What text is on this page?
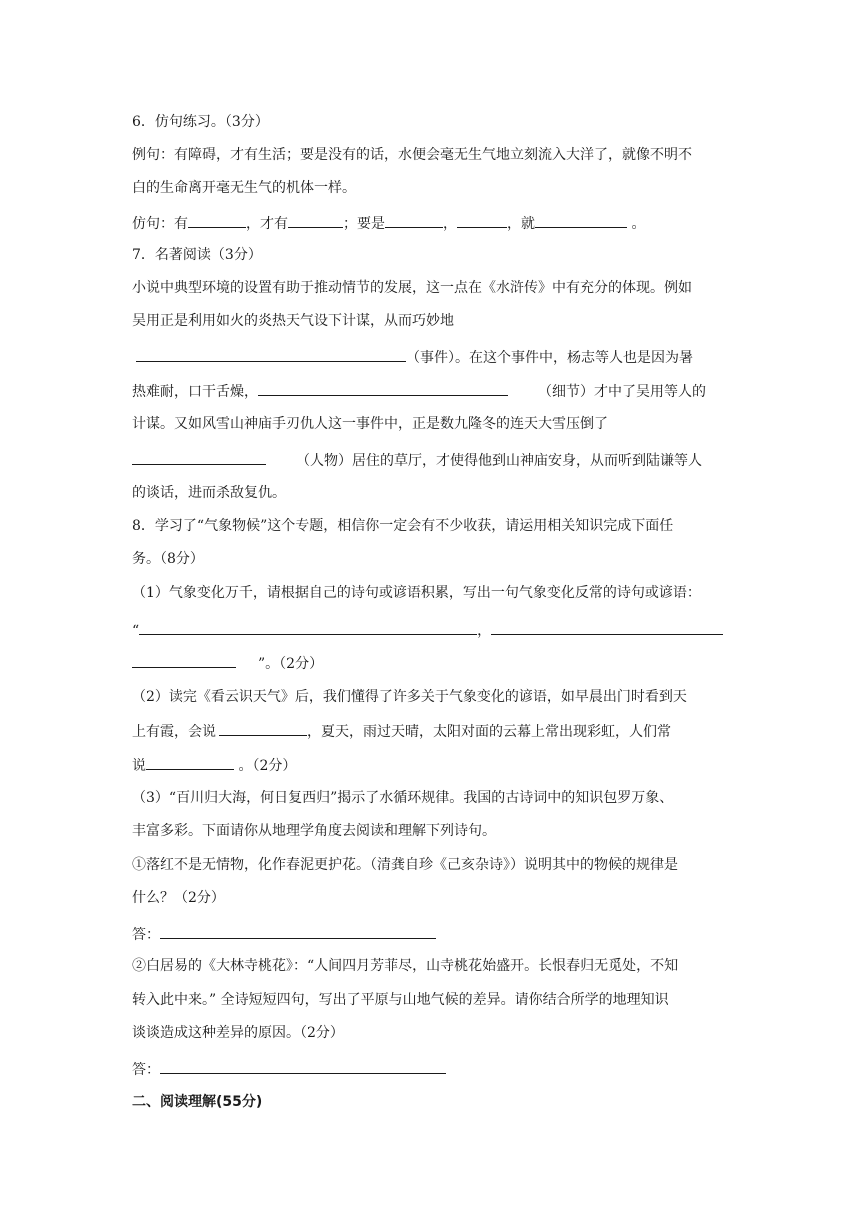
6．仿句练习。（3分）
例句：有障碍，才有生活；要是没有的话，水便会毫无生气地立刻流入大洋了，就像不明不
白的生命离开毫无生气的机体一样。
仿句：有	，才有	；要是	，	，就	。
7．名著阅读（3分）
小说中典型环境的设置有助于推动情节的发展，这一点在《水浒传》中有充分的体现。例如
吴用正是利用如火的炎热天气设下计谋，从而巧妙地
（事件）。在这个事件中，杨志等人也是因为暑
热难耐，口干舌燥，	（细节）才中了吴用等人的
计谋。又如风雪山神庙手刃仇人这一事件中，正是数九隆冬的连天大雪压倒了
（人物）居住的草厅，才使得他到山神庙安身，从而听到陆谦等人
的谈话，进而杀敌复仇。
8．学习了“气象物候”这个专题，相信你一定会有不少收获，请运用相关知识完成下面任
务。（8分）
（1）气象变化万千，请根据自己的诗句或谚语积累，写出一句气象变化反常的诗句或谚语：
“	，
”。（2分）
（2）读完《看云识天气》后，我们懂得了许多关于气象变化的谚语，如早晨出门时看到天
上有霞，会说	，夏天，雨过天晴，太阳对面的云幕上常出现彩虹，人们常
说	。（2分）
（3）“百川归大海，何日复西归”揭示了水循环规律。我国的古诗词中的知识包罗万象、
丰富多彩。下面请你从地理学角度去阅读和理解下列诗句。
①落红不是无情物，化作春泥更护花。（清龚自珍《己亥杂诗》）说明其中的物候的规律是
什么？（2分）
答：
②白居易的《大林寺桃花》：“人间四月芳菲尽，山寺桃花始盛开。长恨春归无觅处，不知
转入此中来。” 全诗短短四句，写出了平原与山地气候的差异。请你结合所学的地理知识
谈谈造成这种差异的原因。（2分）
答：
二、阅读理解(55分)
